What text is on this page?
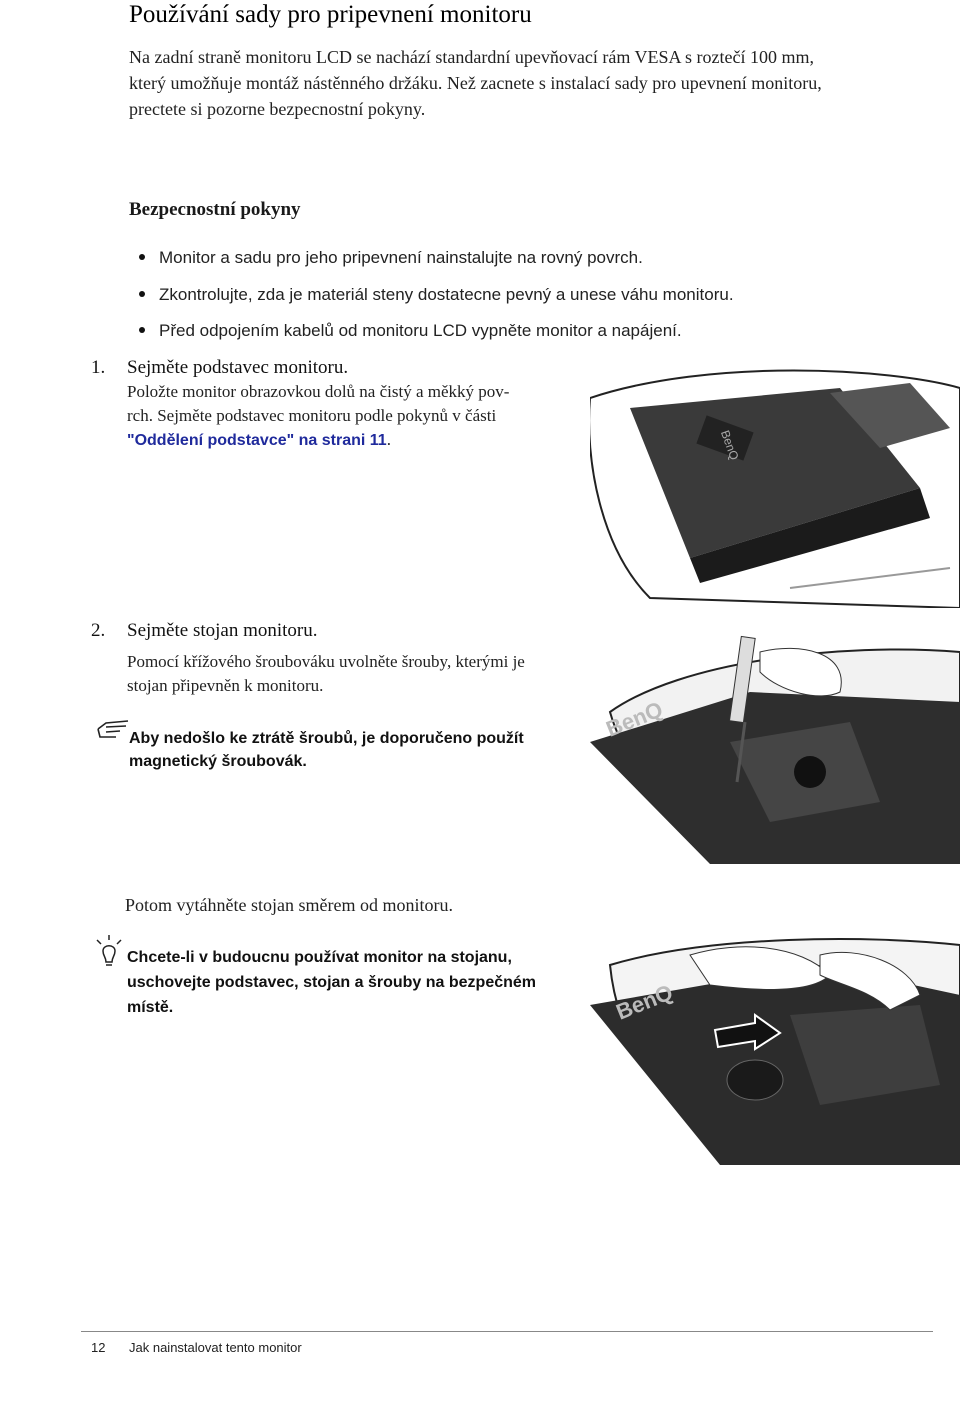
Používání sady pro pripevnení monitoru
Na zadní straně monitoru LCD se nachází standardní upevňovací rám VESA s roztečí 100 mm,
který umožňuje montáž nástěnného držáku. Než zacnete s instalací sady pro upevnení monitoru,
prectete si pozorne bezpecnostní pokyny.
Bezpecnostní pokyny
Monitor a sadu pro jeho pripevnení nainstalujte na rovný povrch.
Zkontrolujte, zda je materiál steny dostatecne pevný a unese váhu monitoru.
Před odpojením kabelů od monitoru LCD vypněte monitor a napájení.
1. Sejměte podstavec monitoru.
Položte monitor obrazovkou dolů na čistý a měkký pov-
rch. Sejměte podstavec monitoru podle pokynů v části
"Oddělení podstavce" na strani 11.	BenQ
2. Sejměte stojan monitoru.
Pomocí křížového šroubováku uvolněte šrouby, kterými je
stojan připevněn k monitoru.
Aby nedošlo ke ztrátě šroubů, je doporučeno použít
magnetický šroubovák.
BenQ
Potom vytáhněte stojan směrem od monitoru.
Chcete-li v budoucnu používat monitor na stojanu,
uschovejte podstavec, stojan a šrouby na bezpečném
místě.	BenQ
12 Jak nainstalovat tento monitor
